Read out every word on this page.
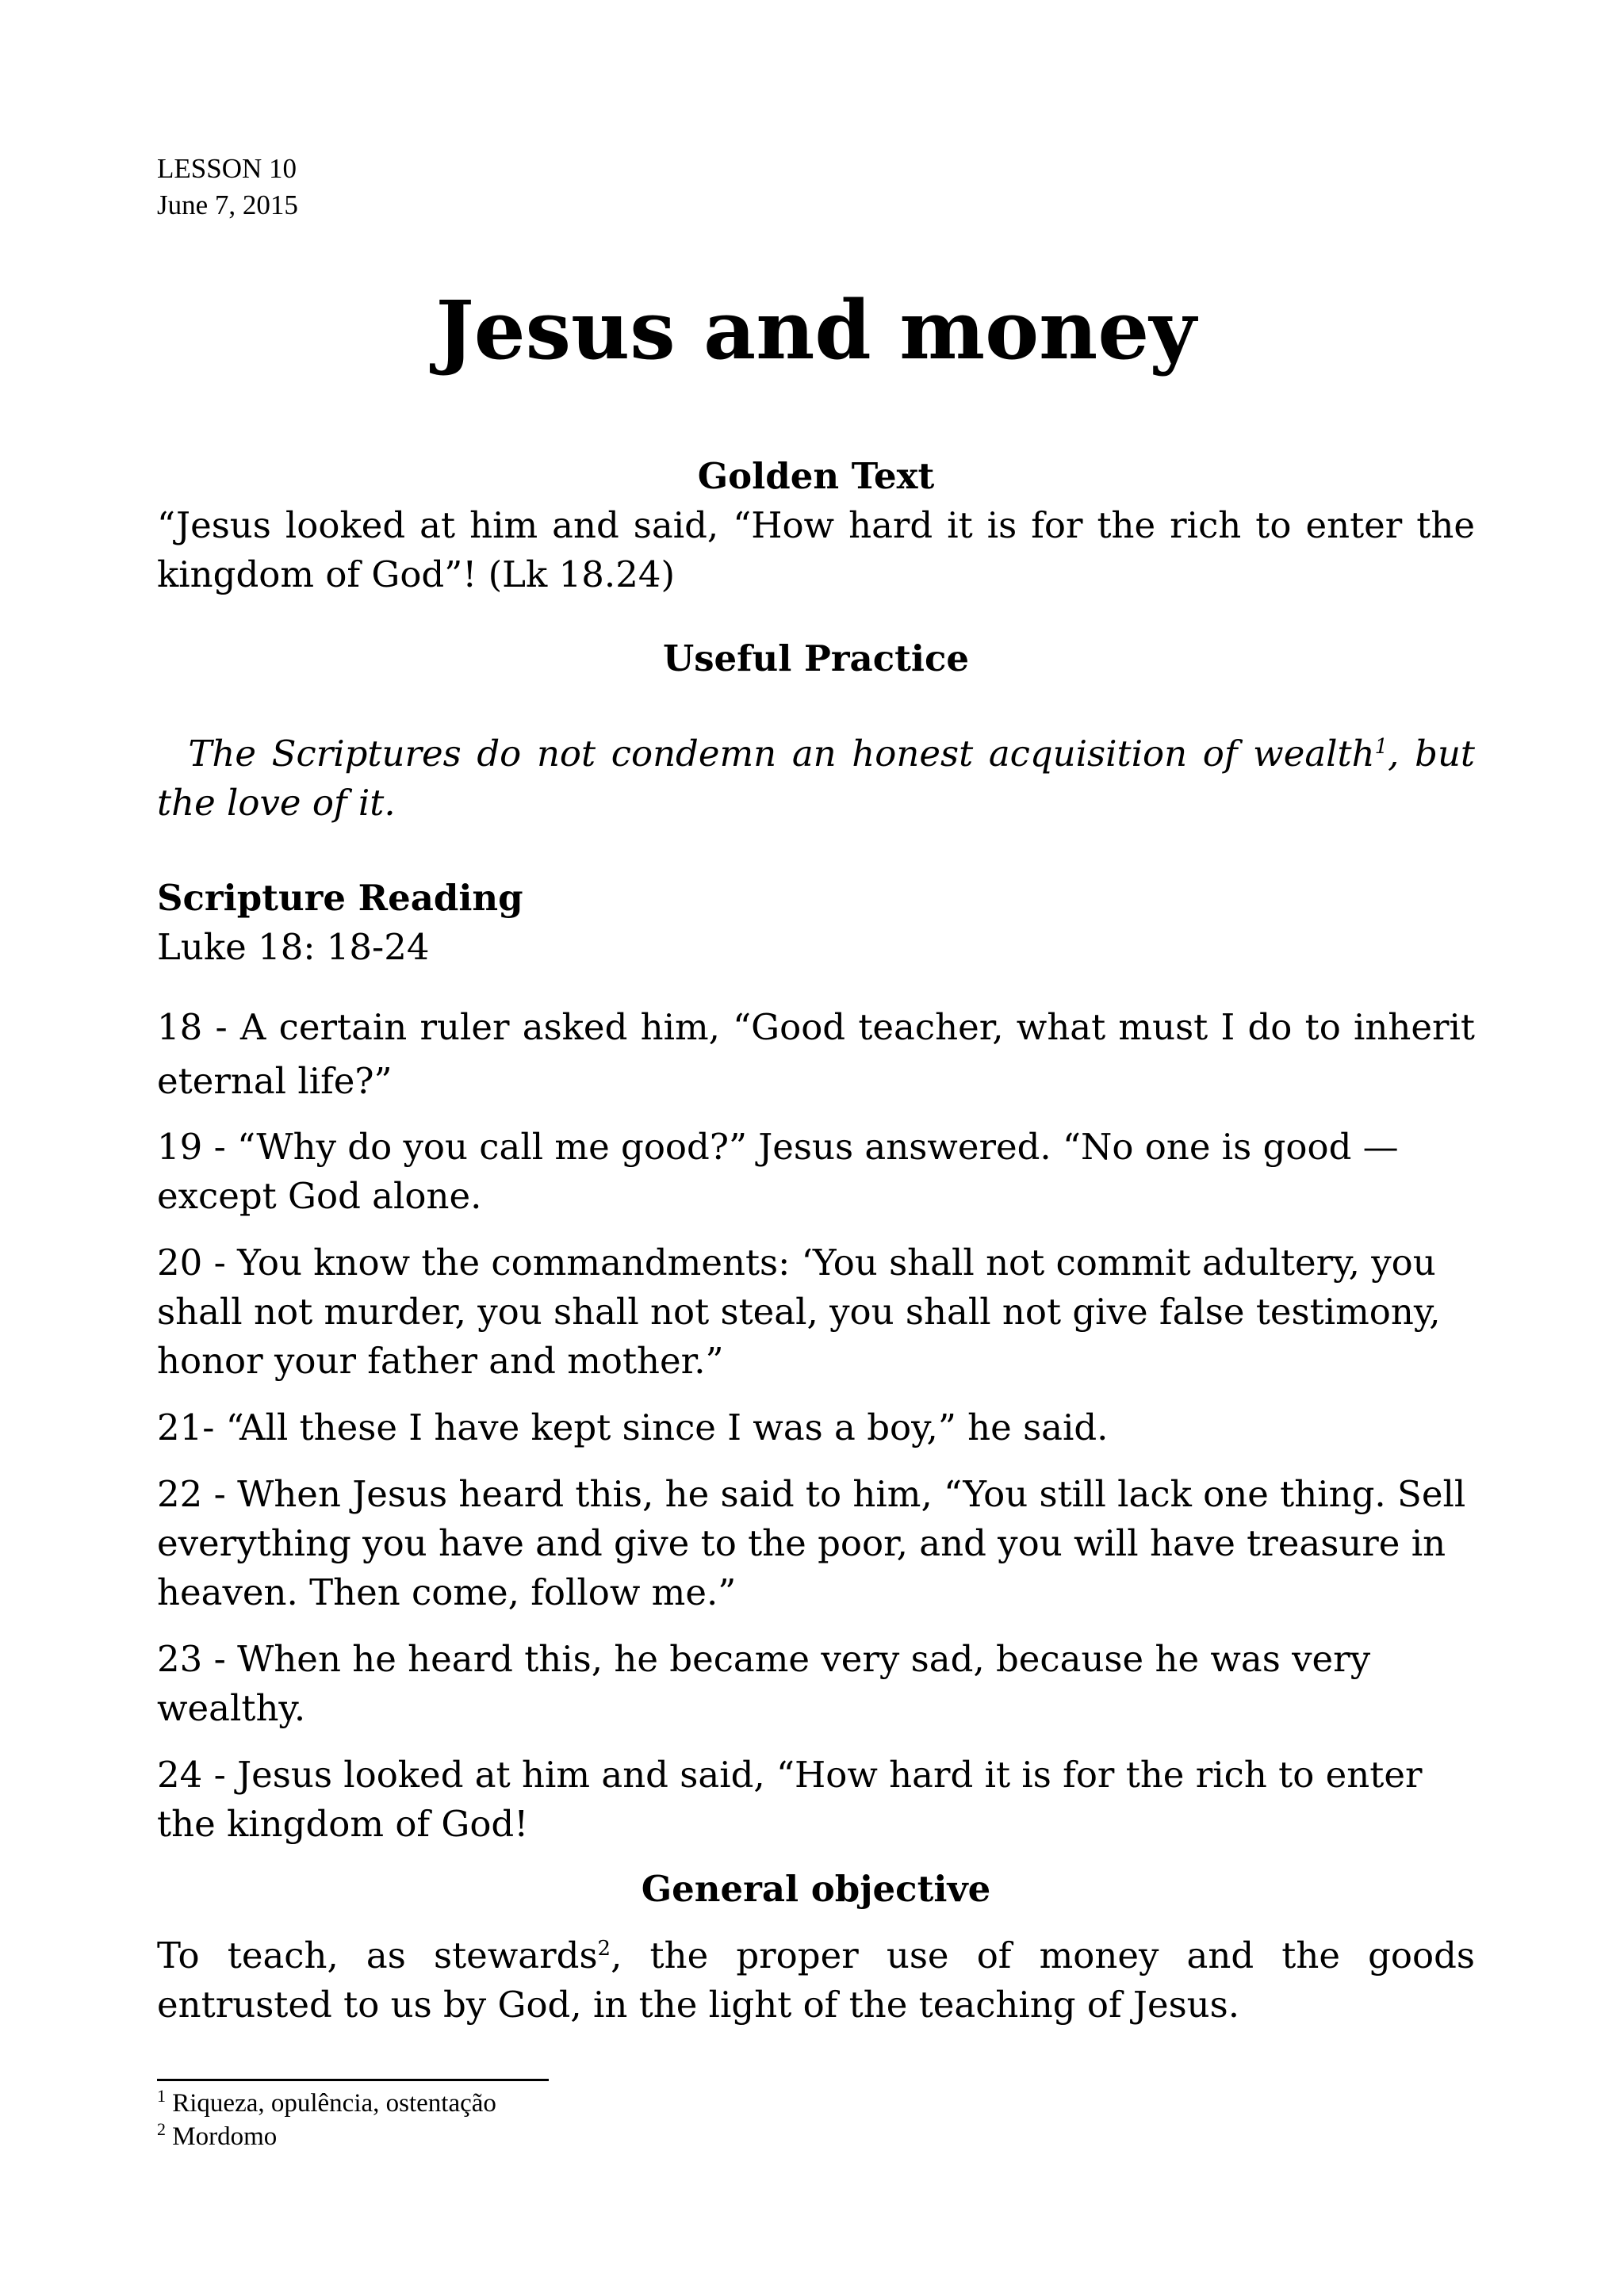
LESSON 10
June 7, 2015
Jesus and money
Golden Text
“Jesus looked at him and said, “How hard it is for the rich to enter the kingdom of God”! (Lk 18.24)
Useful Practice
The Scriptures do not condemn an honest acquisition of wealth$^1$, but the love of it.
Scripture Reading
Luke 18: 18-24
18 - A certain ruler asked him, “Good teacher, what must I do to inherit eternal life?”
19 - “Why do you call me good?” Jesus answered. “No one is good —except God alone.
20 - You know the commandments: ‘You shall not commit adultery, you shall not murder, you shall not steal, you shall not give false testimony, honor your father and mother.”
21- “All these I have kept since I was a boy,” he said.
22 - When Jesus heard this, he said to him, “You still lack one thing. Sell everything you have and give to the poor, and you will have treasure in heaven. Then come, follow me.”
23 - When he heard this, he became very sad, because he was very wealthy.
24 - Jesus looked at him and said, “How hard it is for the rich to enter the kingdom of God!
General objective
To teach, as stewards$^2$, the proper use of money and the goods entrusted to us by God, in the light of the teaching of Jesus.
$^1$ Riqueza, opulência, ostentação
$^2$ Mordomo
